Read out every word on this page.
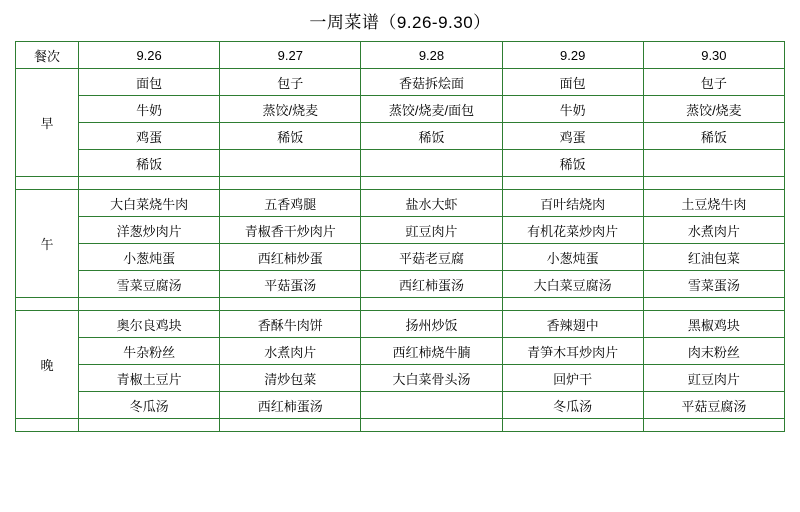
一周菜谱（9.26-9.30）
餐次	9.26	9.27	9.28	9.29	9.30
早	面包	包子	香菇拆烩面	面包	包子
	牛奶	蒸饺/烧麦	蒸饺/烧麦/面包	牛奶	蒸饺/烧麦
	鸡蛋	稀饭	稀饭	鸡蛋	稀饭
	稀饭			稀饭	

午	大白菜烧牛肉	五香鸡腿	盐水大虾	百叶结烧肉	土豆烧牛肉
	洋葱炒肉片	青椒香干炒肉片	豇豆肉片	有机花菜炒肉片	水煮肉片
	小葱炖蛋	西红柿炒蛋	平菇老豆腐	小葱炖蛋	红油包菜
	雪菜豆腐汤	平菇蛋汤	西红柿蛋汤	大白菜豆腐汤	雪菜蛋汤

晚	奥尔良鸡块	香酥牛肉饼	扬州炒饭	香辣翅中	黑椒鸡块
	牛杂粉丝	水煮肉片	西红柿烧牛腩	青笋木耳炒肉片	肉末粉丝
	青椒土豆片	清炒包菜	大白菜骨头汤	回炉干	豇豆肉片
	冬瓜汤	西红柿蛋汤		冬瓜汤	平菇豆腐汤
